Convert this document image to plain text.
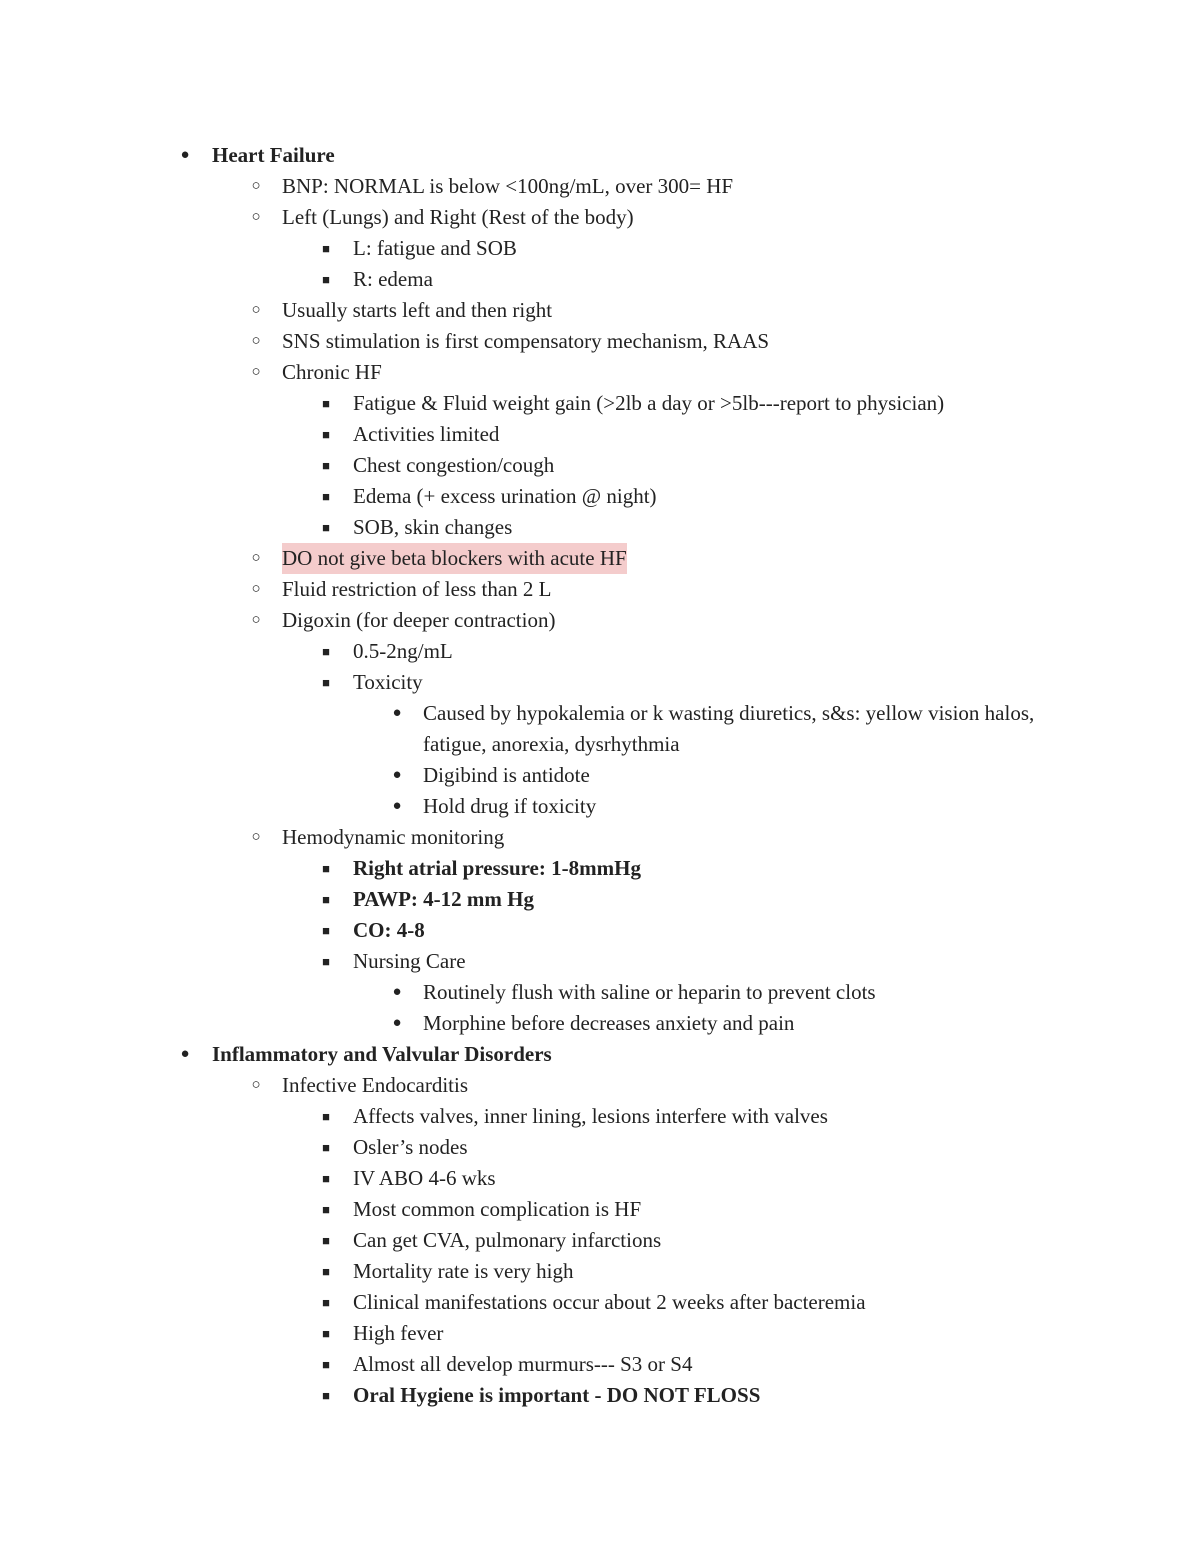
● Heart Failure
○ BNP: NORMAL is below <100ng/mL, over 300= HF
○ Left (Lungs) and Right (Rest of the body)
■ L: fatigue and SOB
■ R: edema
○ Usually starts left and then right
○ SNS stimulation is first compensatory mechanism, RAAS
○ Chronic HF
■ Fatigue & Fluid weight gain (>2lb a day or >5lb---report to physician)
■ Activities limited
■ Chest congestion/cough
■ Edema (+ excess urination @ night)
■ SOB, skin changes
○ DO not give beta blockers with acute HF
○ Fluid restriction of less than 2 L
○ Digoxin (for deeper contraction)
■ 0.5-2ng/mL
■ Toxicity
● Caused by hypokalemia or k wasting diuretics, s&s: yellow vision halos, fatigue, anorexia, dysrhythmia
● Digibind is antidote
● Hold drug if toxicity
○ Hemodynamic monitoring
■ Right atrial pressure: 1-8mmHg
■ PAWP: 4-12 mm Hg
■ CO: 4-8
■ Nursing Care
● Routinely flush with saline or heparin to prevent clots
● Morphine before decreases anxiety and pain
● Inflammatory and Valvular Disorders
○ Infective Endocarditis
■ Affects valves, inner lining, lesions interfere with valves
■ Osler’s nodes
■ IV ABO 4-6 wks
■ Most common complication is HF
■ Can get CVA, pulmonary infarctions
■ Mortality rate is very high
■ Clinical manifestations occur about 2 weeks after bacteremia
■ High fever
■ Almost all develop murmurs--- S3 or S4
■ Oral Hygiene is important - DO NOT FLOSS
